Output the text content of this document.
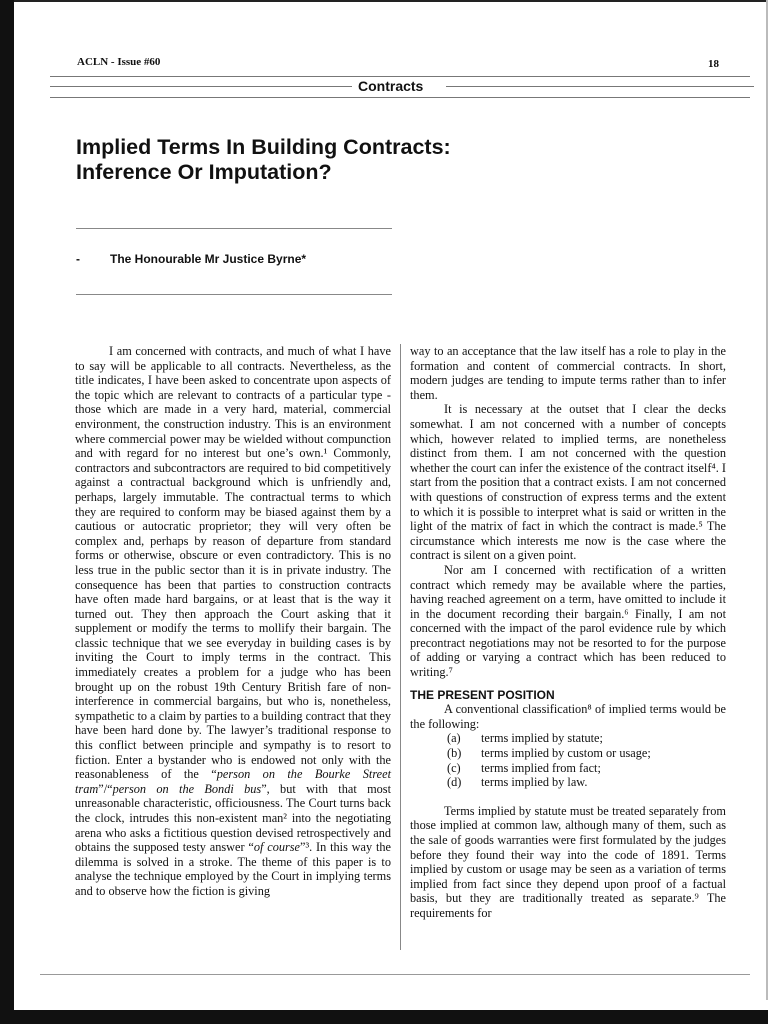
ACLN - Issue #60	18
Contracts
Implied Terms In Building Contracts:
Inference Or Imputation?
-	The Honourable Mr Justice Byrne*

I am concerned with contracts, and much of what I have to say will be applicable to all contracts. Nevertheless, as the title indicates, I have been asked to concentrate upon aspects of the topic which are relevant to contracts of a particular type - those which are made in a very hard, material, commercial environment, the construction industry. This is an environment where commercial power may be wielded without compunction and with regard for no interest but one’s own.¹ Commonly, contractors and subcontractors are required to bid competitively against a contractual background which is unfriendly and, perhaps, largely immutable. The contractual terms to which they are required to conform may be biased against them by a cautious or autocratic proprietor; they will very often be complex and, perhaps by reason of departure from standard forms or otherwise, obscure or even contradictory. This is no less true in the public sector than it is in private industry. The consequence has been that parties to construction contracts have often made hard bargains, or at least that is the way it turned out. They then approach the Court asking that it supplement or modify the terms to mollify their bargain. The classic technique that we see everyday in building cases is by inviting the Court to imply terms in the contract. This immediately creates a problem for a judge who has been brought up on the robust 19th Century British fare of non-interference in commercial bargains, but who is, nonetheless, sympathetic to a claim by parties to a building contract that they have been hard done by. The lawyer’s traditional response to this conflict between principle and sympathy is to resort to fiction. Enter a bystander who is endowed not only with the reasonableness of the “person on the Bourke Street tram”/“person on the Bondi bus”, but with that most unreasonable characteristic, officiousness. The Court turns back the clock, intrudes this non-existent man² into the negotiating arena who asks a fictitious question devised retrospectively and obtains the supposed testy answer “of course”³. In this way the dilemma is solved in a stroke. The theme of this paper is to analyse the technique employed by the Court in implying terms and to observe how the fiction is giving

way to an acceptance that the law itself has a role to play in the formation and content of commercial contracts. In short, modern judges are tending to impute terms rather than to infer them.

It is necessary at the outset that I clear the decks somewhat. I am not concerned with a number of concepts which, however related to implied terms, are nonetheless distinct from them. I am not concerned with the question whether the court can infer the existence of the contract itself⁴. I start from the position that a contract exists. I am not concerned with questions of construction of express terms and the extent to which it is possible to interpret what is said or written in the light of the matrix of fact in which the contract is made.⁵ The circumstance which interests me now is the case where the contract is silent on a given point.

Nor am I concerned with rectification of a written contract which remedy may be available where the parties, having reached agreement on a term, have omitted to include it in the document recording their bargain.⁶ Finally, I am not concerned with the impact of the parol evidence rule by which precontract negotiations may not be resorted to for the purpose of adding or varying a contract which has been reduced to writing.⁷

THE PRESENT POSITION

A conventional classification⁸ of implied terms would be the following:

(a)	terms implied by statute;
(b)	terms implied by custom or usage;
(c)	terms implied from fact;
(d)	terms implied by law.

Terms implied by statute must be treated separately from those implied at common law, although many of them, such as the sale of goods warranties were first formulated by the judges before they found their way into the code of 1891. Terms implied by custom or usage may be seen as a variation of terms implied from fact since they depend upon proof of a factual basis, but they are traditionally treated as separate.⁹ The requirements for
